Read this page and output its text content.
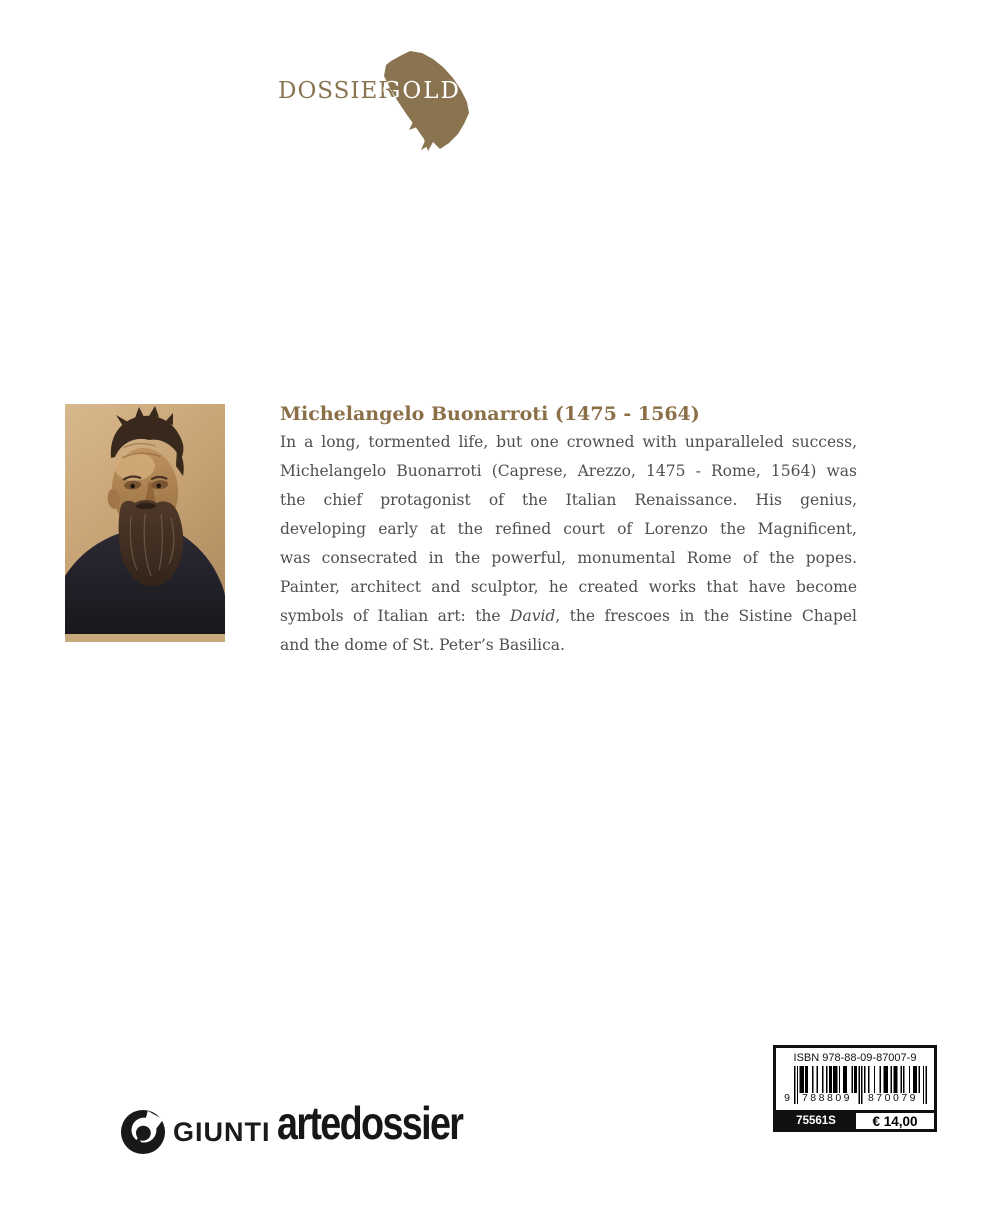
DOSSIER
GOLD
Michelangelo Buonarroti (1475 - 1564)
In a long, tormented life, but one crowned with unparalleled success,
Michelangelo Buonarroti (Caprese, Arezzo, 1475 - Rome, 1564) was
the chief protagonist of the Italian Renaissance. His genius,
developing early at the refined court of Lorenzo the Magnificent,
was consecrated in the powerful, monumental Rome of the popes.
Painter, architect and sculptor, he created works that have become
symbols of Italian art: the David, the frescoes in the Sistine Chapel
and the dome of St. Peter’s Basilica.
GIUNTI artedossier
ISBN 978-88-09-87007-9
9	788809	870079
75561S	€ 14,00
